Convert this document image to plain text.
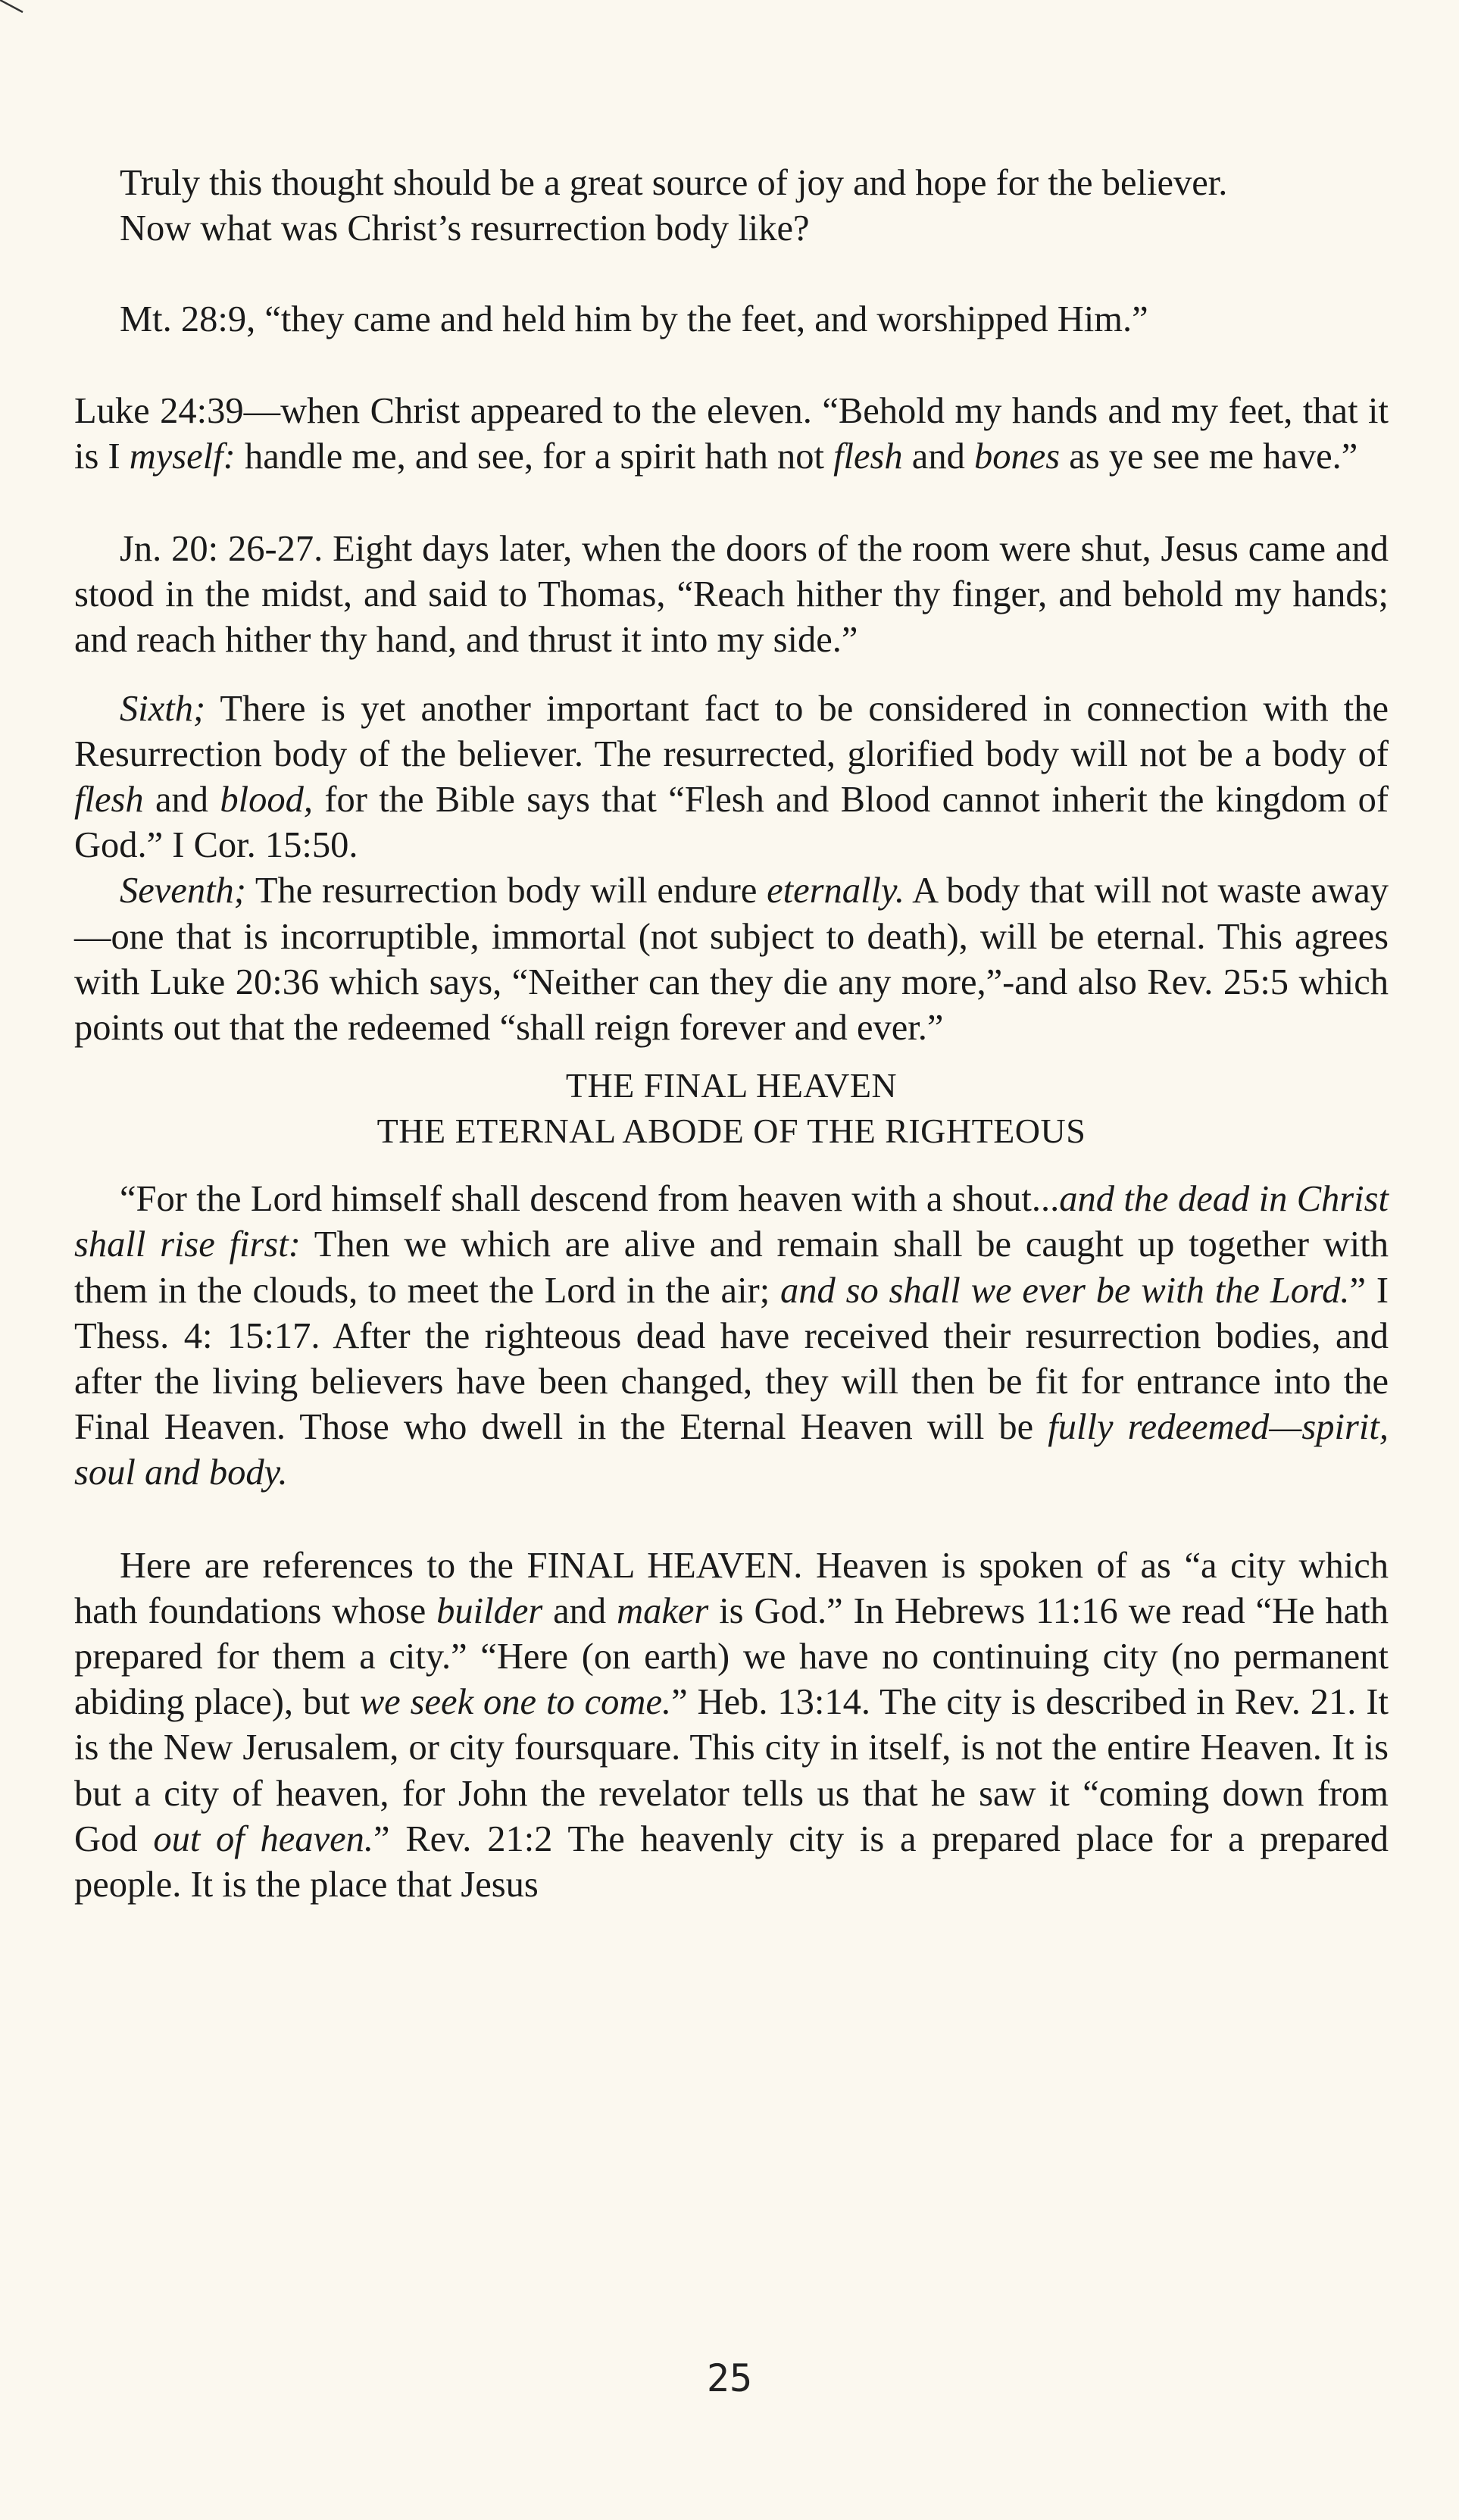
Truly this thought should be a great source of joy and hope for the believer.

Now what was Christ’s resurrection body like?

Mt. 28:9, “they came and held him by the feet, and worshipped Him.”

Luke 24:39—when Christ appeared to the eleven. “Behold my hands and my feet, that it is I myself: handle me, and see, for a spirit hath not flesh and bones as ye see me have.”

Jn. 20: 26-27. Eight days later, when the doors of the room were shut, Jesus came and stood in the midst, and said to Thomas, “Reach hither thy finger, and behold my hands; and reach hither thy hand, and thrust it into my side.”

Sixth; There is yet another important fact to be considered in connection with the Resurrection body of the believer. The resurrected, glorified body will not be a body of flesh and blood, for the Bible says that “Flesh and Blood cannot inherit the kingdom of God.” I Cor. 15:50.

Seventh; The resurrection body will endure eternally. A body that will not waste away—one that is incorruptible, immortal (not subject to death), will be eternal. This agrees with Luke 20:36 which says, “Neither can they die any more,”-and also Rev. 25:5 which points out that the redeemed “shall reign forever and ever.”

THE FINAL HEAVEN

THE ETERNAL ABODE OF THE RIGHTEOUS

“For the Lord himself shall descend from heaven with a shout...and the dead in Christ shall rise first: Then we which are alive and remain shall be caught up together with them in the clouds, to meet the Lord in the air; and so shall we ever be with the Lord.” I Thess. 4: 15:17. After the righteous dead have received their resurrection bodies, and after the living believers have been changed, they will then be fit for entrance into the Final Heaven. Those who dwell in the Eternal Heaven will be fully redeemed—spirit, soul and body.

Here are references to the FINAL HEAVEN. Heaven is spoken of as “a city which hath foundations whose builder and maker is God.” In Hebrews 11:16 we read “He hath prepared for them a city.” “Here (on earth) we have no continuing city (no permanent abiding place), but we seek one to come.” Heb. 13:14. The city is described in Rev. 21. It is the New Jerusalem, or city foursquare. This city in itself, is not the entire Heaven. It is but a city of heaven, for John the revelator tells us that he saw it “coming down from God out of heaven.” Rev. 21:2 The heavenly city is a prepared place for a prepared people. It is the place that Jesus

25
